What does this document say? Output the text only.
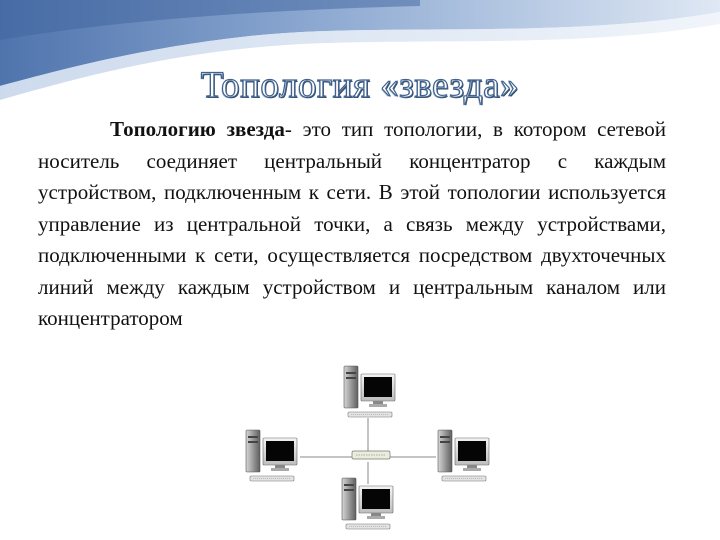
Топология «звезда»
Топологию звезда- это тип топологии, в котором сетевой носитель соединяет центральный концентратор с каждым устройством, подключенным к сети. В этой топологии используется управление из центральной точки, а связь между устройствами, подключенными к сети, осуществляется посредством двухточечных линий между каждым устройством и центральным каналом или концентратором
